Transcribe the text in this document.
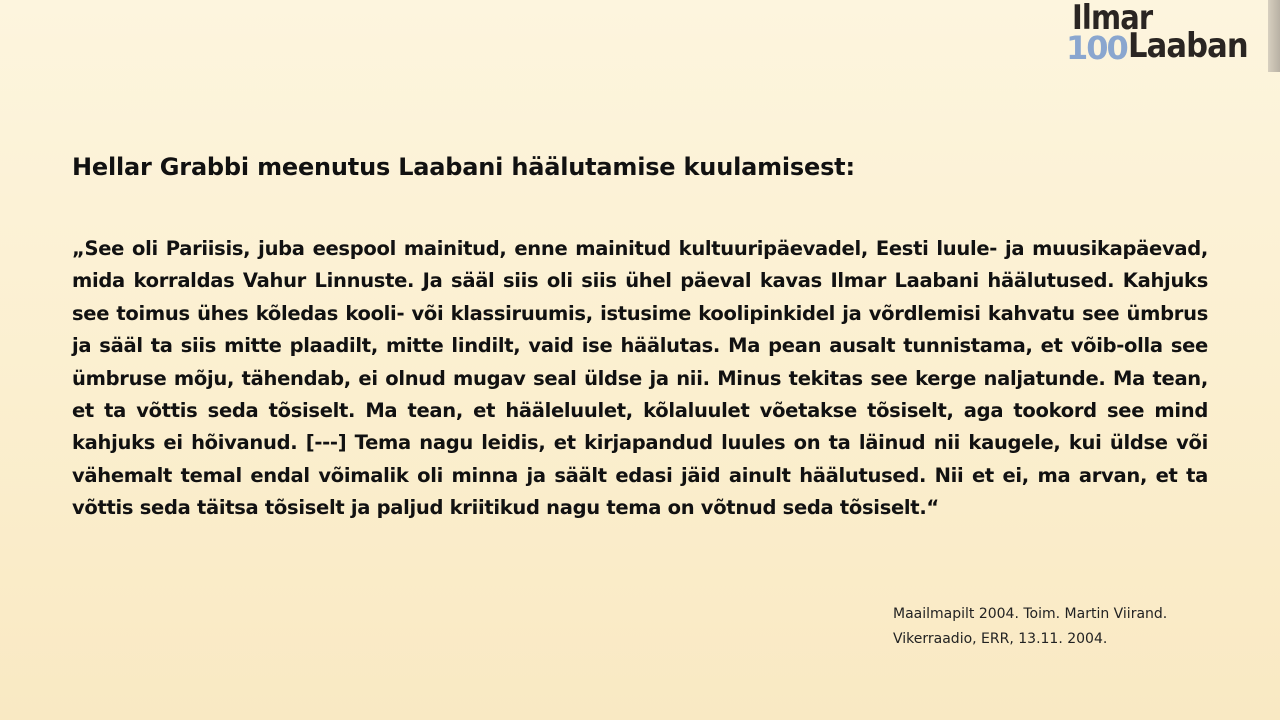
Ilmar
100 Laaban
Hellar Grabbi meenutus Laabani häälutamise kuulamisest:

„See oli Pariisis, juba eespool mainitud, enne mainitud kultuuripäevadel, Eesti luule- ja muusikapäevad, mida korraldas Vahur Linnuste. Ja sääl siis oli siis ühel päeval kavas Ilmar Laabani häälutused. Kahjuks see toimus ühes kõledas kooli- või klassiruumis, istusime koolipinkidel ja võrdlemisi kahvatu see ümbrus ja sääl ta siis mitte plaadilt, mitte lindilt, vaid ise häälutas. Ma pean ausalt tunnistama, et võib-olla see ümbruse mõju, tähendab, ei olnud mugav seal üldse ja nii. Minus tekitas see kerge naljatunde. Ma tean, et ta võttis seda tõsiselt. Ma tean, et hääleluulet, kõlaluulet võetakse tõsiselt, aga tookord see mind kahjuks ei hõivanud. [---] Tema nagu leidis, et kirjapandud luules on ta läinud nii kaugele, kui üldse või vähemalt temal endal võimalik oli minna ja säält edasi jäid ainult häälutused. Nii et ei, ma arvan, et ta võttis seda täitsa tõsiselt ja paljud kriitikud nagu tema on võtnud seda tõsiselt.“

Maailmapilt 2004. Toim. Martin Viirand.
Vikerraadio, ERR, 13.11. 2004.
